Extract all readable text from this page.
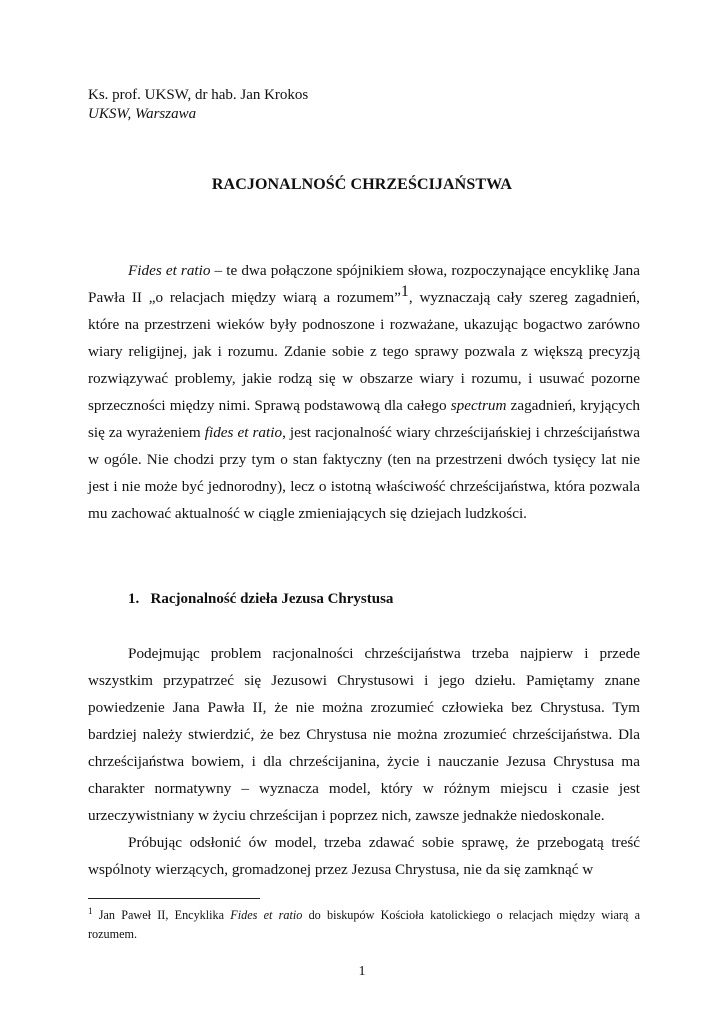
Ks. prof. UKSW, dr hab. Jan Krokos
UKSW, Warszawa
RACJONALNOŚĆ CHRZEŚCIJAŃSTWA

Fides et ratio – te dwa połączone spójnikiem słowa, rozpoczynające encyklikę Jana Pawła II „o relacjach między wiarą a rozumem”1, wyznaczają cały szereg zagadnień, które na przestrzeni wieków były podnoszone i rozważane, ukazując bogactwo zarówno wiary religijnej, jak i rozumu. Zdanie sobie z tego sprawy pozwala z większą precyzją rozwiązywać problemy, jakie rodzą się w obszarze wiary i rozumu, i usuwać pozorne sprzeczności między nimi. Sprawą podstawową dla całego spectrum zagadnień, kryjących się za wyrażeniem fides et ratio, jest racjonalność wiary chrześcijańskiej i chrześcijaństwa w ogóle. Nie chodzi przy tym o stan faktyczny (ten na przestrzeni dwóch tysięcy lat nie jest i nie może być jednorodny), lecz o istotną właściwość chrześcijaństwa, która pozwala mu zachować aktualność w ciągle zmieniających się dziejach ludzkości.

1.   Racjonalność dzieła Jezusa Chrystusa

Podejmując problem racjonalności chrześcijaństwa trzeba najpierw i przede wszystkim przypatrzeć się Jezusowi Chrystusowi i jego dziełu. Pamiętamy znane powiedzenie Jana Pawła II, że nie można zrozumieć człowieka bez Chrystusa. Tym bardziej należy stwierdzić, że bez Chrystusa nie można zrozumieć chrześcijaństwa. Dla chrześcijaństwa bowiem, i dla chrześcijanina, życie i nauczanie Jezusa Chrystusa ma charakter normatywny – wyznacza model, który w różnym miejscu i czasie jest urzeczywistniany w życiu chrześcijan i poprzez nich, zawsze jednakże niedoskonale.

Próbując odsłonić ów model, trzeba zdawać sobie sprawę, że przebogatą treść wspólnoty wierzących, gromadzonej przez Jezusa Chrystusa, nie da się zamknąć w

$^1$ Jan Paweł II, Encyklika Fides et ratio do biskupów Kościoła katolickiego o relacjach między wiarą a rozumem.
1
